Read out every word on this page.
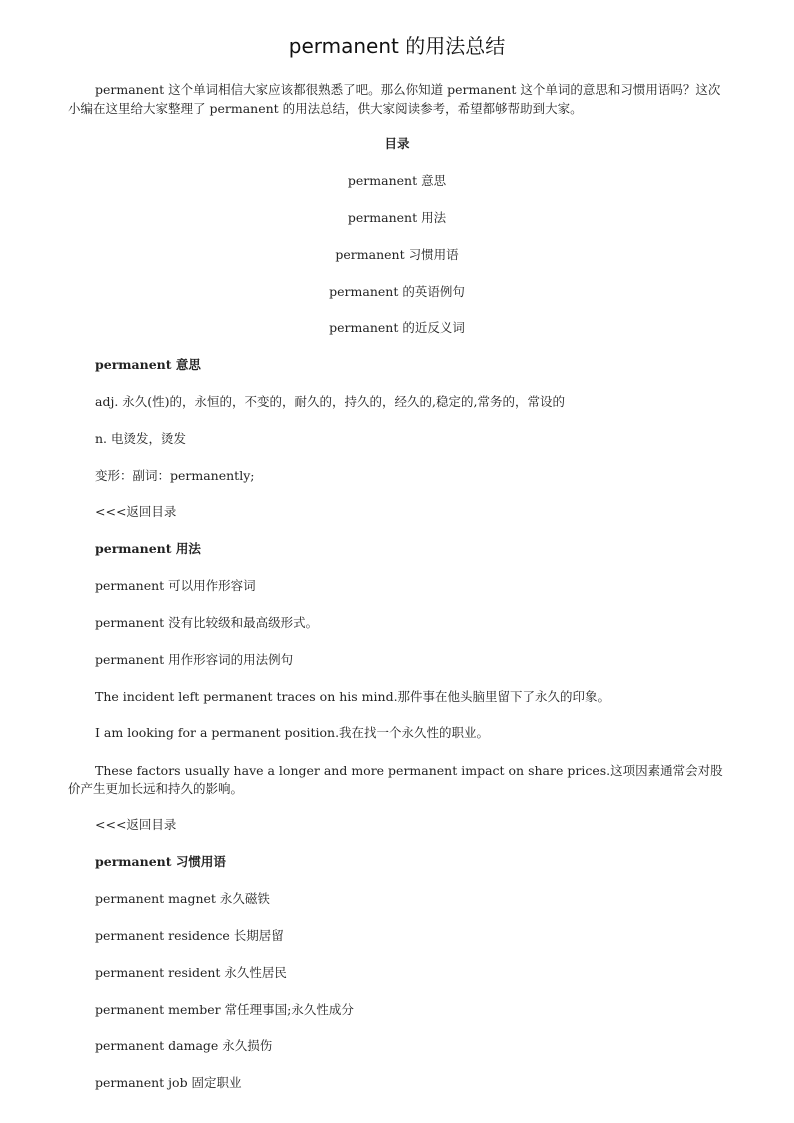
permanent 的用法总结

permanent 这个单词相信大家应该都很熟悉了吧。那么你知道 permanent 这个单词的意思和习惯用语吗？这次小编在这里给大家整理了 permanent 的用法总结，供大家阅读参考，希望都够帮助到大家。

目录

permanent 意思

permanent 用法

permanent 习惯用语

permanent 的英语例句

permanent 的近反义词

permanent 意思

adj. 永久(性)的，永恒的，不变的，耐久的，持久的，经久的,稳定的,常务的，常设的

n. 电烫发，烫发

变形：副词：permanently;

<<<返回目录

permanent 用法

permanent 可以用作形容词

permanent 没有比较级和最高级形式。

permanent 用作形容词的用法例句

The incident left permanent traces on his mind.那件事在他头脑里留下了永久的印象。

I am looking for a permanent position.我在找一个永久性的职业。

These factors usually have a longer and more permanent impact on share prices.这项因素通常会对股价产生更加长远和持久的影响。

<<<返回目录

permanent 习惯用语

permanent magnet 永久磁铁

permanent residence 长期居留

permanent resident 永久性居民

permanent member 常任理事国;永久性成分

permanent damage 永久损伤

permanent job 固定职业
